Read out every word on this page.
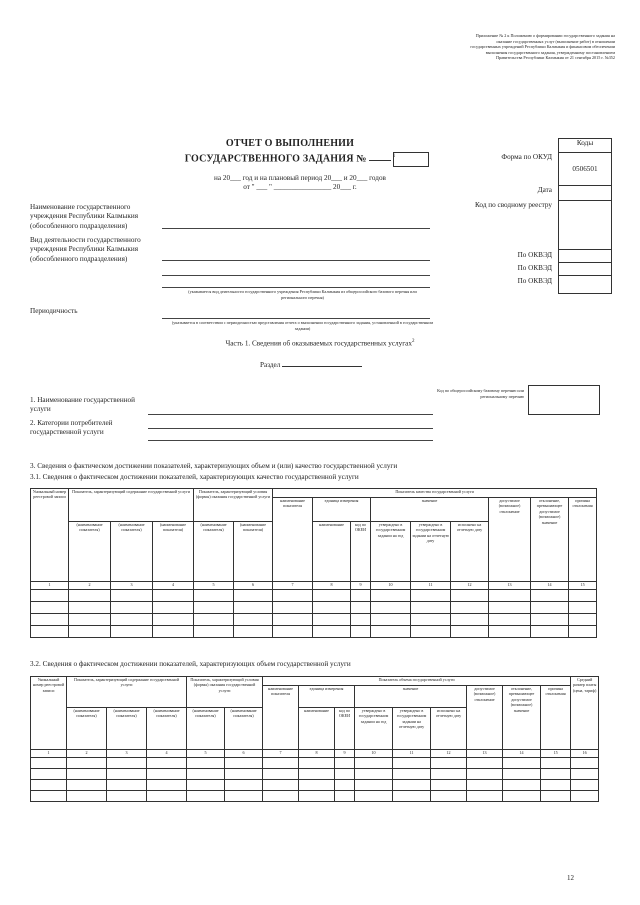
Приложение № 2 к Положению о формировании государственного задания на оказание государственных услуг (выполнение работ) в отношении государственных учреждений Республики Калмыкия и финансовом обеспечении выполнения государственного задания, утвержденному постановлением Правительства Республики Калмыкия от 21 сентября 2015 г. №352
ОТЧЕТ О ВЫПОЛНЕНИИ
ГОСУДАРСТВЕННОГО ЗАДАНИЯ №	$^1$
на 20___ год и на плановый период 20___ и 20___ годов
от " ___ " ________________ 20___ г.
Коды
0506501
Форма по ОКУД
Дата
Код по сводному реестру
По ОКВЭД
По ОКВЭД
По ОКВЭД
Наименование государственного учреждения Республики Калмыкия (обособленного подразделения)
Вид деятельности государственного учреждения Республики Калмыкия (обособленного подразделения)
(указывается вид деятельности государственного учреждения Республики Калмыкия из общероссийского базового перечня или регионального перечня)
Периодичность
(указывается в соответствии с периодичностью представления отчета о выполнении государственного задания, установленной в государственном задании)
Часть 1. Сведения об оказываемых государственных услугах$^2$
Раздел
Код по общероссийскому базовому перечню или региональному перечню
1. Наименование государственной услуги
2. Категории потребителей государственной услуги
3. Сведения о фактическом достижении показателей, характеризующих объем и (или) качество государственной услуги
3.1. Сведения о фактическом достижении показателей, характеризующих качество государственной услуги
Уникальный номер реестровой записи	Показатель, характеризующий содержание государственной услуги			Показатель, характеризующий условия (формы) оказания государственной услуги		Показатель качества государственной услуги								
						наименование показателя	единица измерения		значение			допустимое (возможное) отклонение	отклонение, превышающее допустимое (возможное) значение	причина отклонения
	(наименование показателя)	(наименование показателя)	(наименование показателя)	(наименование показателя)	(наименование показателя)		наименование	код по ОКЕИ	утверждено в государственном задании на год	утверждено в государственном задании на отчетную дату	исполнено на отчетную дату			
1	2	3	4	5	6	7	8	9	10	11	12	13	14	15

3.2. Сведения о фактическом достижении показателей, характеризующих объем государственной услуги
Уникальный номер реестровой записи	Показатель, характеризующий содержание государственной услуги			Показатель, характеризующий условия (формы) оказания государственной услуги		Показатель объема государственной услуги									Средний размер платы (цена, тариф)
						наименование показателя	единица измерения		значение			допустимое (возможное) отклонение	отклонение, превышающее допустимое (возможное) значение	причина отклонения	
	(наименование показателя)	(наименование показателя)	(наименование показателя)	(наименование показателя)	(наименование показателя)		наименование	код по ОКЕИ	утверждено в государственном задании на год	утверждено в государственном задании на отчетную дату	исполнено на отчетную дату				
1	2	3	4	5	6	7	8	9	10	11	12	13	14	15	16

12
